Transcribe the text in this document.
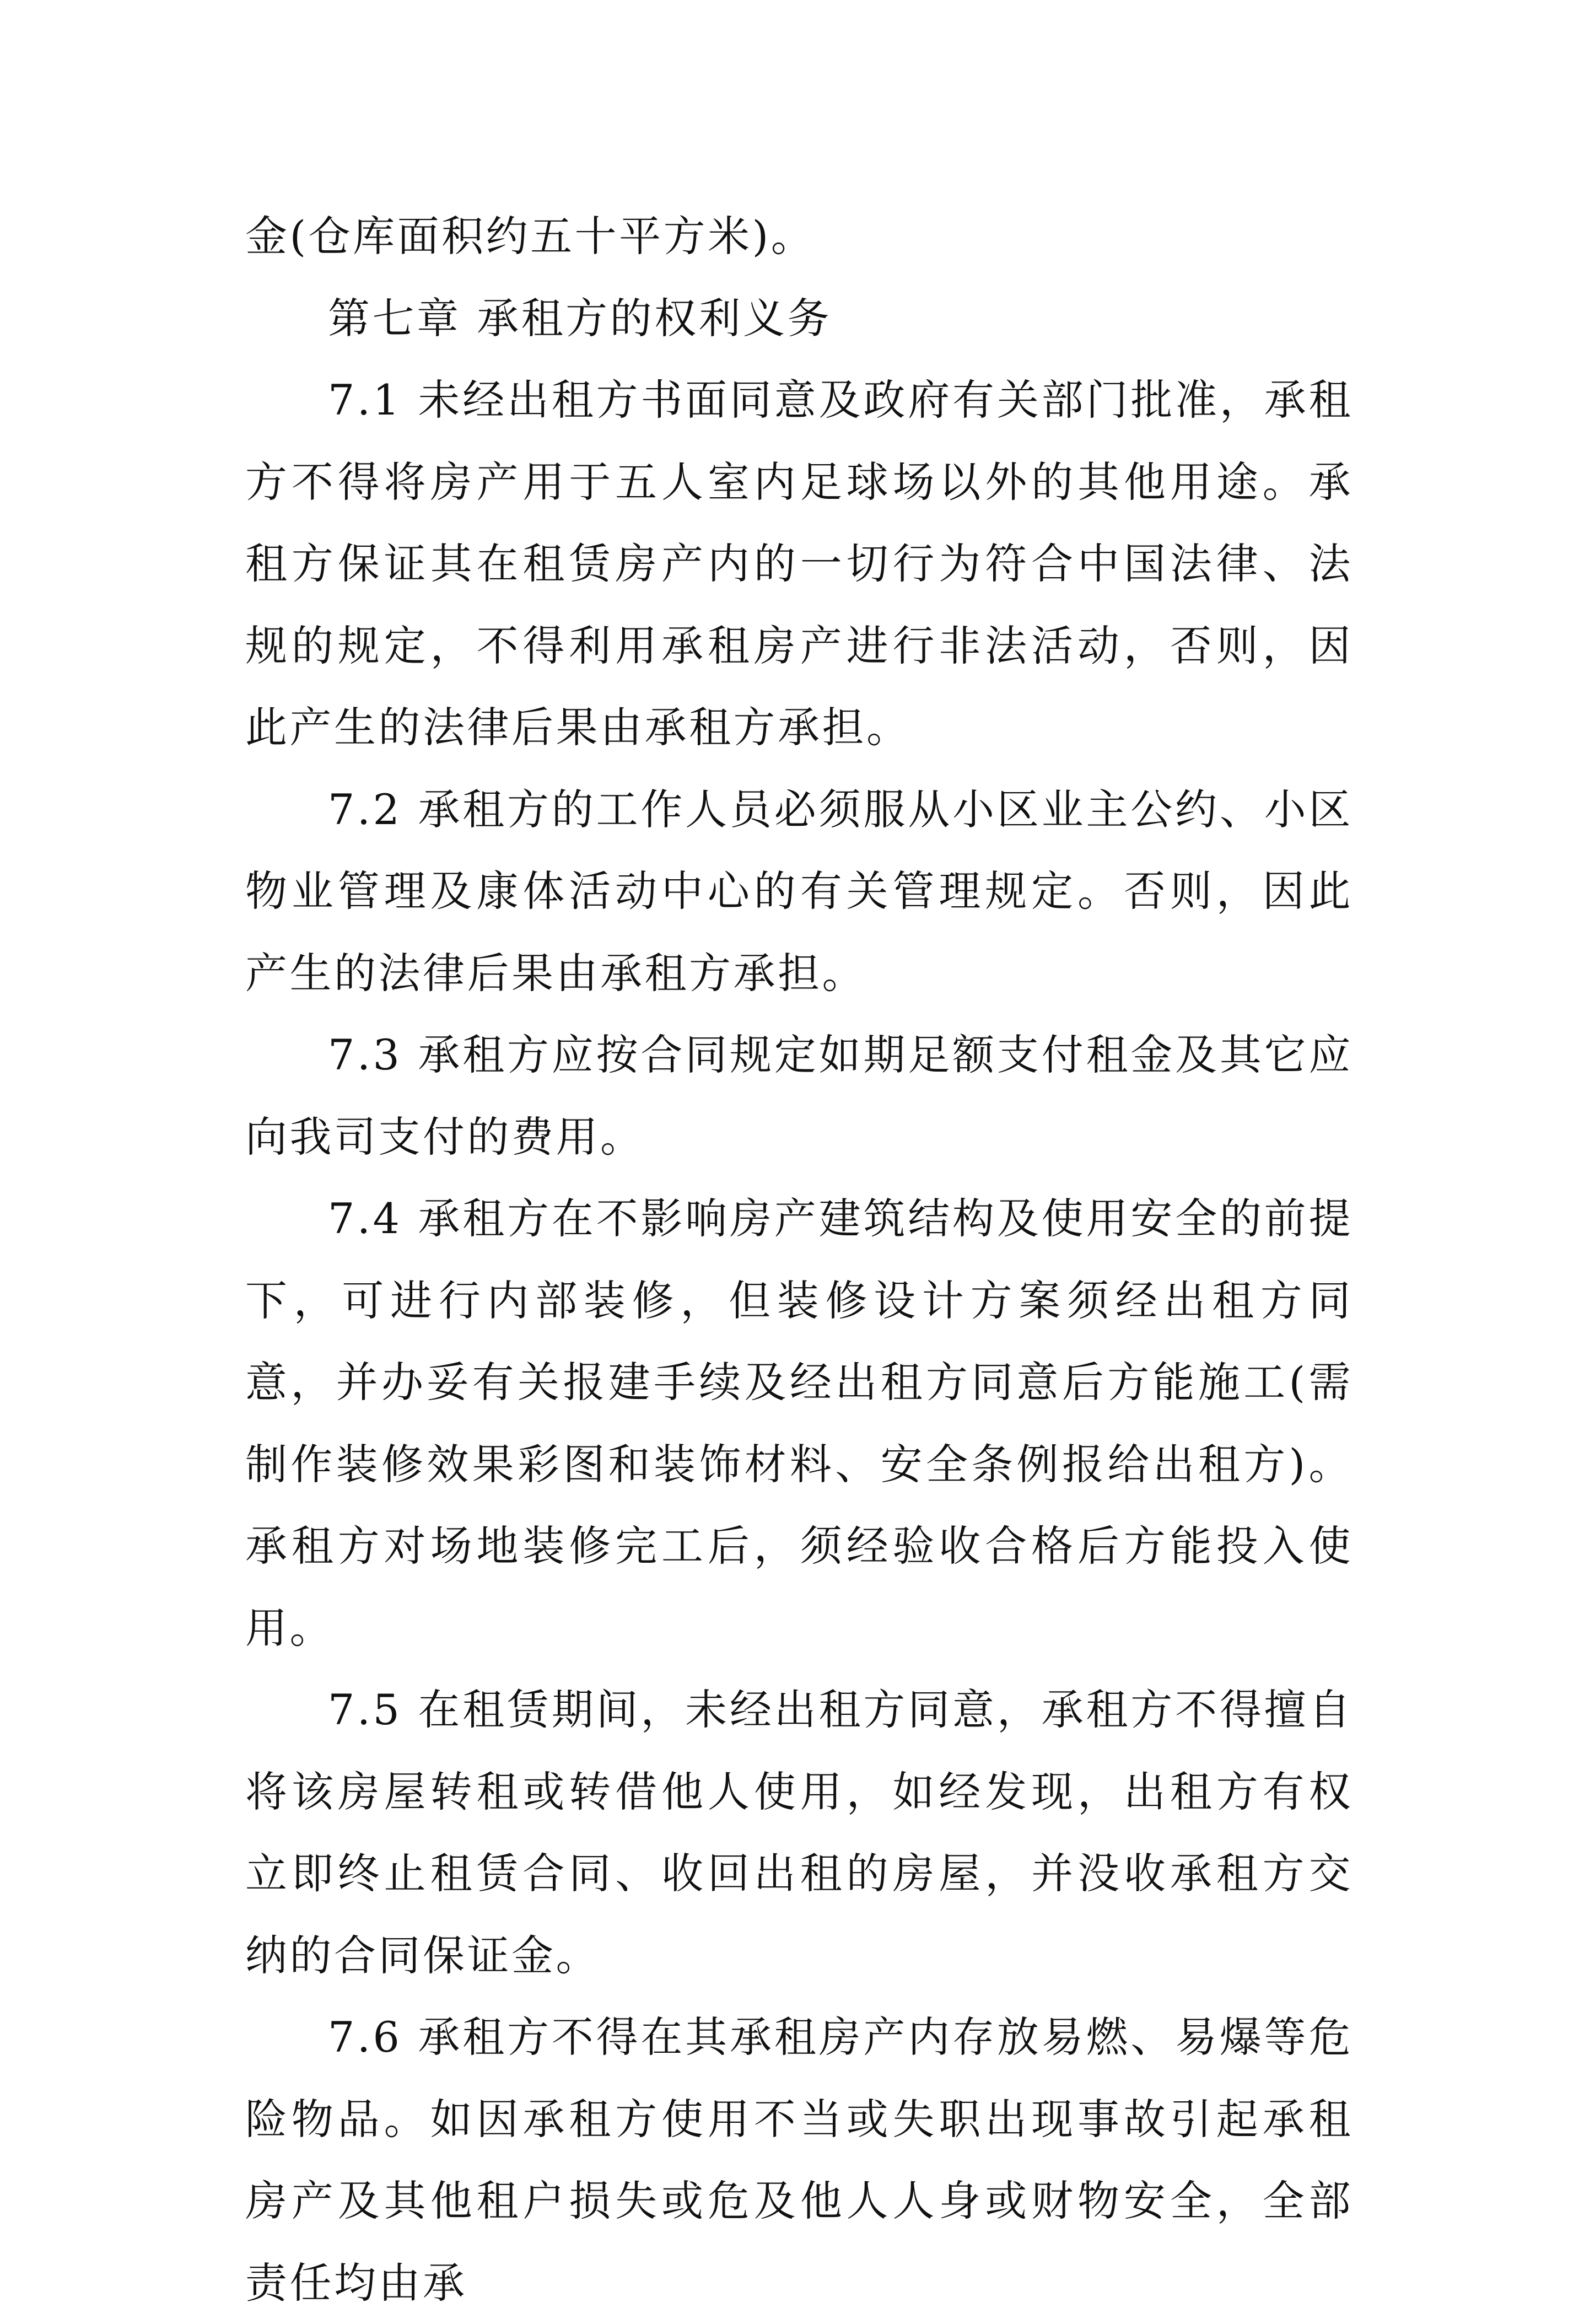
金(仓库面积约五十平方米)。

第七章 承租方的权利义务

7.1 未经出租方书面同意及政府有关部门批准，承租方不得将房产用于五人室内足球场以外的其他用途。承租方保证其在租赁房产内的一切行为符合中国法律、法规的规定，不得利用承租房产进行非法活动，否则，因此产生的法律后果由承租方承担。

7.2 承租方的工作人员必须服从小区业主公约、小区物业管理及康体活动中心的有关管理规定。否则，因此产生的法律后果由承租方承担。

7.3 承租方应按合同规定如期足额支付租金及其它应向我司支付的费用。

7.4 承租方在不影响房产建筑结构及使用安全的前提下，可进行内部装修，但装修设计方案须经出租方同意，并办妥有关报建手续及经出租方同意后方能施工(需制作装修效果彩图和装饰材料、安全条例报给出租方)。承租方对场地装修完工后，须经验收合格后方能投入使用。

7.5 在租赁期间，未经出租方同意，承租方不得擅自将该房屋转租或转借他人使用，如经发现，出租方有权立即终止租赁合同、收回出租的房屋，并没收承租方交纳的合同保证金。

7.6 承租方不得在其承租房产内存放易燃、易爆等危险物品。如因承租方使用不当或失职出现事故引起承租房产及其他租户损失或危及他人人身或财物安全，全部责任均由承
